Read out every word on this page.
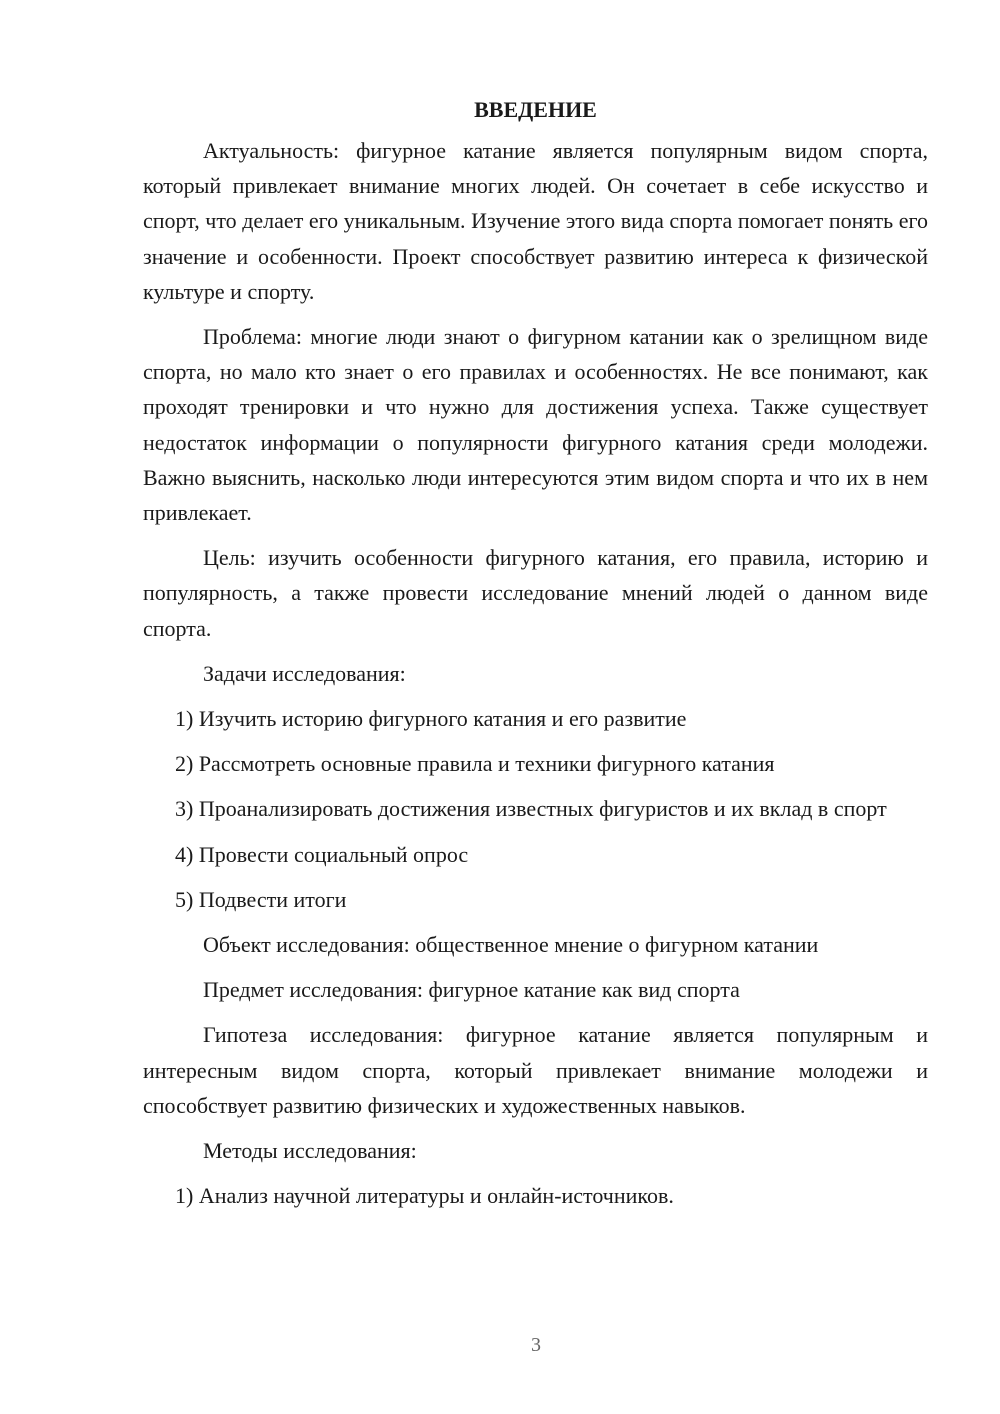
ВВЕДЕНИЕ

Актуальность: фигурное катание является популярным видом спорта, который привлекает внимание многих людей. Он сочетает в себе искусство и спорт, что делает его уникальным. Изучение этого вида спорта помогает понять его значение и особенности. Проект способствует развитию интереса к физической культуре и спорту.

Проблема: многие люди знают о фигурном катании как о зрелищном виде спорта, но мало кто знает о его правилах и особенностях. Не все понимают, как проходят тренировки и что нужно для достижения успеха. Также существует недостаток информации о популярности фигурного катания среди молодежи. Важно выяснить, насколько люди интересуются этим видом спорта и что их в нем привлекает.

Цель: изучить особенности фигурного катания, его правила, историю и популярность, а также провести исследование мнений людей о данном виде спорта.

Задачи исследования:

1) Изучить историю фигурного катания и его развитие

2) Рассмотреть основные правила и техники фигурного катания

3) Проанализировать достижения известных фигуристов и их вклад в спорт

4) Провести социальный опрос

5) Подвести итоги

Объект исследования: общественное мнение о фигурном катании

Предмет исследования: фигурное катание как вид спорта

Гипотеза исследования: фигурное катание является популярным и интересным видом спорта, который привлекает внимание молодежи и способствует развитию физических и художественных навыков.

Методы исследования:

1) Анализ научной литературы и онлайн-источников.

3
